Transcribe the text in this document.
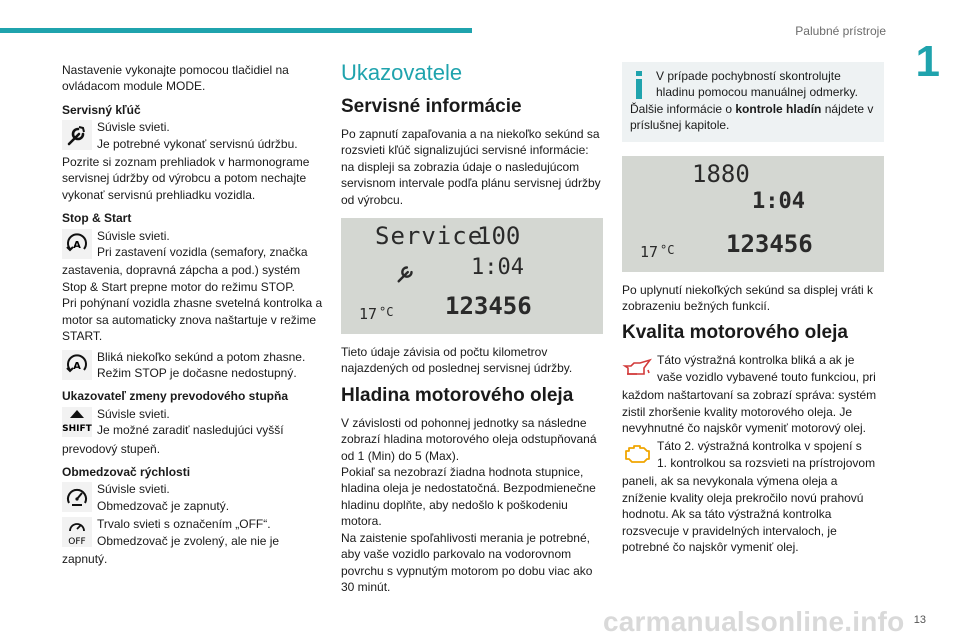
Palubné prístroje
1
13
carmanualsonline.info

Nastavenie vykonajte pomocou tlačidiel na ovládacom module MODE.

Servisný kľúč
Súvisle svieti.
Je potrebné vykonať servisnú údržbu.

Pozrite si zoznam prehliadok v harmonograme servisnej údržby od výrobcu a potom nechajte vykonať servisnú prehliadku vozidla.

Stop & Start
A
Súvisle svieti.
Pri zastavení vozidla (semafory, značka

zastavenia, dopravná zápcha a pod.) systém Stop & Start prepne motor do režimu STOP.

Pri pohýnaní vozidla zhasne svetelná kontrolka a motor sa automaticky znova naštartuje v režime START.

A
Bliká niekoľko sekúnd a potom zhasne.
Režim STOP je dočasne nedostupný.
Ukazovateľ zmeny prevodového stupňa
SHIFT
Súvisle svieti.
Je možné zaradiť nasledujúci vyšší

prevodový stupeň.

Obmedzovač rýchlosti
Súvisle svieti.
Obmedzovač je zapnutý.
OFF
Trvalo svieti s označením „OFF“.
Obmedzovač je zvolený, ale nie je

zapnutý.

Ukazovatele
Servisné informácie

Po zapnutí zapaľovania a na niekoľko sekúnd sa rozsvieti kľúč signalizujúci servisné informácie: na displeji sa zobrazia údaje o nasledujúcom servisnom intervale podľa plánu servisnej údržby od výrobcu.

Service
100
1:04
17 °C 123456

Tieto údaje závisia od počtu kilometrov najazdených od poslednej servisnej údržby.

Hladina motorového oleja

V závislosti od pohonnej jednotky sa následne zobrazí hladina motorového oleja odstupňovaná od 1 (Min) do 5 (Max).

Pokiaľ sa nezobrazí žiadna hodnota stupnice, hladina oleja je nedostatočná. Bezpodmienečne hladinu doplňte, aby nedošlo k poškodeniu motora.

Na zaistenie spoľahlivosti merania je potrebné, aby vaše vozidlo parkovalo na vodorovnom povrchu s vypnutým motorom po dobu viac ako 30 minút.

V prípade pochybností skontrolujte
hladinu pomocou manuálnej odmerky.
Ďalšie informácie o kontrole hladín nájdete v príslušnej kapitole.
1880
1:04
17 °C 123456

Po uplynutí niekoľkých sekúnd sa displej vráti k zobrazeniu bežných funkcií.

Kvalita motorového oleja
Táto výstražná kontrolka bliká a ak je
vaše vozidlo vybavené touto funkciou, pri

každom naštartovaní sa zobrazí správa: systém zistil zhoršenie kvality motorového oleja. Je nevyhnutné čo najskôr vymeniť motorový olej.

Táto 2. výstražná kontrolka v spojení s
1. kontrolkou sa rozsvieti na prístrojovom

paneli, ak sa nevykonala výmena oleja a zníženie kvality oleja prekročilo novú prahovú hodnotu. Ak sa táto výstražná kontrolka rozsvecuje v pravidelných intervaloch, je potrebné čo najskôr vymeniť olej.
